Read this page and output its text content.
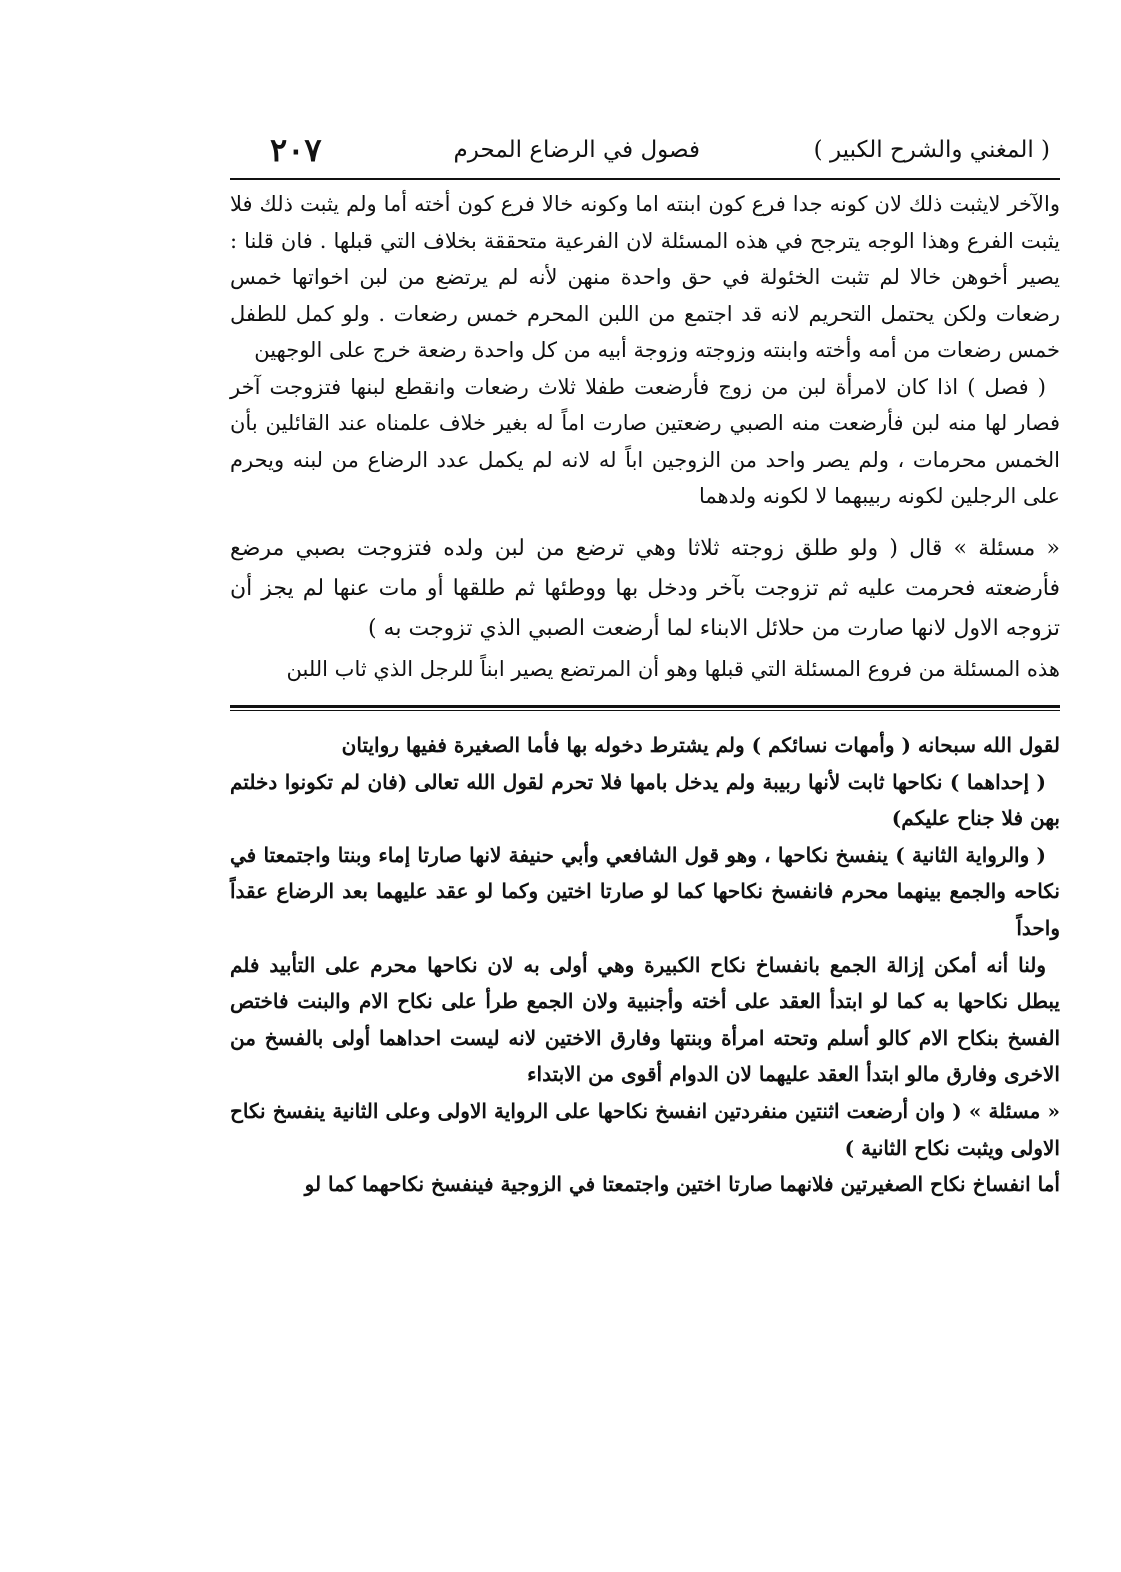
( المغني والشرح الكبير )
فصول في الرضاع المحرم
٢٠٧

والآخر لايثبت ذلك لان كونه جدا فرع كون ابنته اما وكونه خالا فرع كون أخته أما ولم يثبت ذلك فلا يثبت الفرع وهذا الوجه يترجح في هذه المسئلة لان الفرعية متحققة بخلاف التي قبلها . فان قلنا : يصير أخوهن خالا لم تثبت الخئولة في حق واحدة منهن لأنه لم يرتضع من لبن اخواتها خمس رضعات ولكن يحتمل التحريم لانه قد اجتمع من اللبن المحرم خمس رضعات . ولو كمل للطفل خمس رضعات من أمه وأخته وابنته وزوجته وزوجة أبيه من كل واحدة رضعة خرج على الوجهين

( فصل ) اذا كان لامرأة لبن من زوج فأرضعت طفلا ثلاث رضعات وانقطع لبنها فتزوجت آخر فصار لها منه لبن فأرضعت منه الصبي رضعتين صارت اماً له بغير خلاف علمناه عند القائلين بأن الخمس محرمات ، ولم يصر واحد من الزوجين اباً له لانه لم يكمل عدد الرضاع من لبنه ويحرم على الرجلين لكونه ربيبهما لا لكونه ولدهما

« مسئلة » قال ( ولو طلق زوجته ثلاثا وهي ترضع من لبن ولده فتزوجت بصبي مرضع فأرضعته فحرمت عليه ثم تزوجت بآخر ودخل بها ووطئها ثم طلقها أو مات عنها لم يجز أن تزوجه الاول لانها صارت من حلائل الابناء لما أرضعت الصبي الذي تزوجت به )

هذه المسئلة من فروع المسئلة التي قبلها وهو أن المرتضع يصير ابناً للرجل الذي ثاب اللبن

لقول الله سبحانه ( وأمهات نسائكم ) ولم يشترط دخوله بها فأما الصغيرة ففيها روايتان

( إحداهما ) نكاحها ثابت لأنها ربيبة ولم يدخل بامها فلا تحرم لقول الله تعالى (فان لم تكونوا دخلتم بهن فلا جناح عليكم)

( والرواية الثانية ) ينفسخ نكاحها ، وهو قول الشافعي وأبي حنيفة لانها صارتا إماء وبنتا واجتمعتا في نكاحه والجمع بينهما محرم فانفسخ نكاحها كما لو صارتا اختين وكما لو عقد عليهما بعد الرضاع عقداً واحداً

ولنا أنه أمكن إزالة الجمع بانفساخ نكاح الكبيرة وهي أولى به لان نكاحها محرم على التأبيد فلم يبطل نكاحها به كما لو ابتدأ العقد على أخته وأجنبية ولان الجمع طرأ على نكاح الام والبنت فاختص الفسخ بنكاح الام كالو أسلم وتحته امرأة وبنتها وفارق الاختين لانه ليست احداهما أولى بالفسخ من الاخرى وفارق مالو ابتدأ العقد عليهما لان الدوام أقوى من الابتداء

« مسئلة » ( وان أرضعت اثنتين منفردتين انفسخ نكاحها على الرواية الاولى وعلى الثانية ينفسخ نكاح الاولى ويثبت نكاح الثانية )

أما انفساخ نكاح الصغيرتين فلانهما صارتا اختين واجتمعتا في الزوجية فينفسخ نكاحهما كما لو
